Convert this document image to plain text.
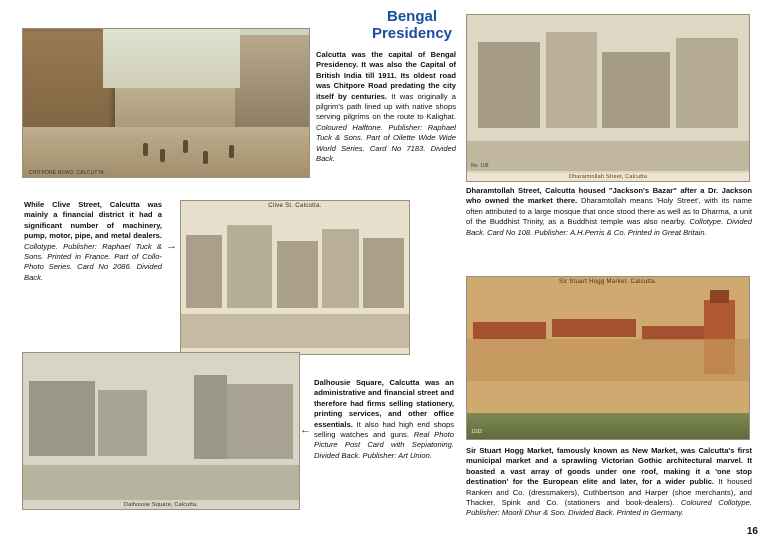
Bengal
Presidency
CHITPORE ROAD, CALCUTTA.
No. 108
Dharamtollah Street, Calcutta
Clive St. Calcutta.
Sir Stuart Hogg Market. Calcutta.
1183
Dalhousie Square, Calcutta.
Calcutta was the capital of Bengal Presidency. It was also the Capital of British India till 1911. Its oldest road was Chitpore Road predating the city itself by centuries. It was originally a pilgrim's path lined up with native shops serving pilgrims on the route to Kalighat. Coloured Halftone. Publisher: Raphael Tuck & Sons. Part of Oilette Wide Wide World Series. Card No 7183. Divided Back.
Dharamtollah Street, Calcutta housed "Jackson's Bazar" after a Dr. Jackson who owned the market there. Dharamtollah means 'Holy Street', with its name often attributed to a large mosque that once stood there as well as to Dharma, a unit of the Buddhist Trinity, as a Buddhist temple was also nearby. Collotype. Divided Back. Card No 108. Publisher: A.H.Perris & Co. Printed in Great Britain.
While Clive Street, Calcutta was mainly a financial district it had a significant number of machinery, pump, motor, pipe, and metal dealers. Collotype. Publisher: Raphael Tuck & Sons. Printed in France. Part of Collo-Photo Series. Card No 2086. Divided Back.
→
Dalhousie Square, Calcutta was an administrative and financial street and therefore had firms selling stationery, printing services, and other office essentials. It also had high end shops selling watches and guns. Real Photo Picture Post Card with Sepiatoning. Divided Back. Publisher: Art Union.
←
Sir Stuart Hogg Market, famously known as New Market, was Calcutta's first municipal market and a sprawling Victorian Gothic architectural marvel. It boasted a vast array of goods under one roof, making it a 'one stop destination' for the European elite and later, for a wider public. It housed Ranken and Co. (dressmakers), Cuthbertson and Harper (shoe merchants), and Thacker, Spink and Co. (stationers and book-dealers). Coloured Collotype. Publisher: Moorli Dhur & Son. Divided Back. Printed in Germany.
16
